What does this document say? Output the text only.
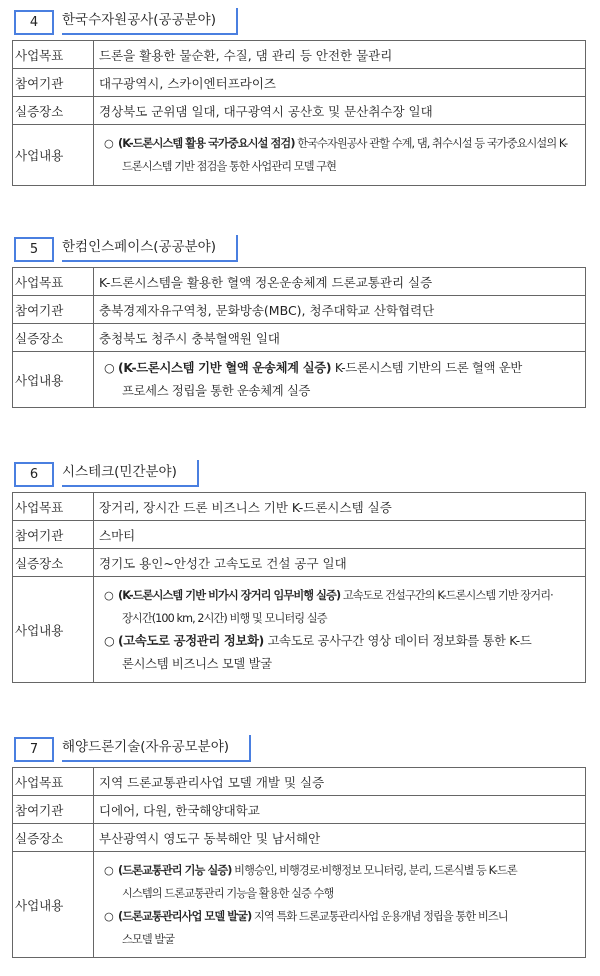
4	한국수자원공사(공공분야)
사업목표	드론을 활용한 물순환, 수질, 댐 관리 등 안전한 물관리
참여기관	대구광역시, 스카이엔터프라이즈
실증장소	경상북도 군위댐 일대, 대구광역시 공산호 및 문산취수장 일대
사업내용	○ (K-드론시스템 활용 국가중요시설 점검) 한국수자원공사 관할 수계, 댐, 취수시설 등 국가중요시설의 K-
드론시스템 기반 점검을 통한 사업관리 모델 구현
5	한컴인스페이스(공공분야)
사업목표	K-드론시스템을 활용한 혈액 정온운송체계 드론교통관리 실증
참여기관	충북경제자유구역청, 문화방송(MBC), 청주대학교 산학협력단
실증장소	충청북도 청주시 충북혈액원 일대
사업내용	○ (K-드론시스템 기반 혈액 운송체계 실증) K-드론시스템 기반의 드론 혈액 운반
프로세스 정립을 통한 운송체계 실증
6	시스테크(민간분야)
사업목표	장거리, 장시간 드론 비즈니스 기반 K-드론시스템 실증
참여기관	스마티
실증장소	경기도 용인~안성간 고속도로 건설 공구 일대
사업내용	○ (K-드론시스템 기반 비가시 장거리 임무비행 실증) 고속도로 건설구간의 K-드론시스템 기반 장거리·
장시간(100 km, 2시간) 비행 및 모니터링 실증
○ (고속도로 공정관리 정보화) 고속도로 공사구간 영상 데이터 정보화를 통한 K-드
론시스템 비즈니스 모델 발굴
7	해양드론기술(자유공모분야)
사업목표	지역 드론교통관리사업 모델 개발 및 실증
참여기관	디에어, 다원, 한국해양대학교
실증장소	부산광역시 영도구 동북해안 및 남서해안
사업내용	○ (드론교통관리 기능 실증) 비행승인, 비행경로·비행정보 모니터링, 분리, 드론식별 등 K-드론
시스템의 드론교통관리 기능을 활용한 실증 수행
○ (드론교통관리사업 모델 발굴) 지역 특화 드론교통관리사업 운용개념 정립을 통한 비즈니
스모델 발굴
